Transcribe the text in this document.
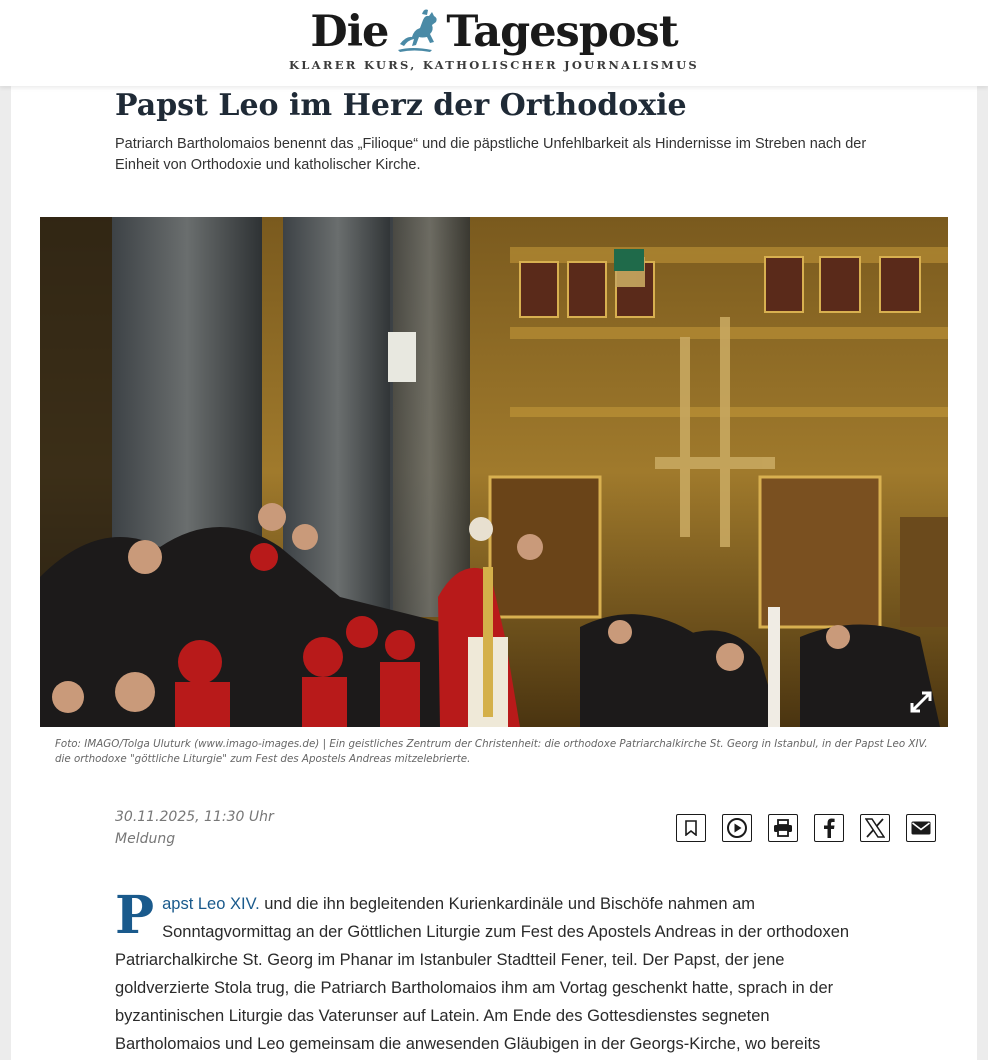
Die Tagespost
KLARER KURS, KATHOLISCHER JOURNALISMUS
Papst Leo im Herz der Orthodoxie

Patriarch Bartholomaios benennt das „Filioque“ und die päpstliche Unfehlbarkeit als Hindernisse im Streben nach der Einheit von Orthodoxie und katholischer Kirche.

Foto: IMAGO/Tolga Uluturk (www.imago-images.de) | Ein geistliches Zentrum der Christenheit: die orthodoxe Patriarchalkirche St. Georg in Istanbul, in der Papst Leo XIV. die orthodoxe "göttliche Liturgie" zum Fest des Apostels Andreas mitzelebrierte.

30.11.2025, 11:30 Uhr
Meldung

Papst Leo XIV. und die ihn begleitenden Kurienkardinäle und Bischöfe nahmen am Sonntagvormittag an der Göttlichen Liturgie zum Fest des Apostels Andreas in der orthodoxen Patriarchalkirche St. Georg im Phanar im Istanbuler Stadtteil Fener, teil. Der Papst, der jene goldverzierte Stola trug, die Patriarch Bartholomaios ihm am Vortag geschenkt hatte, sprach in der byzantinischen Liturgie das Vaterunser auf Latein. Am Ende des Gottesdienstes segneten Bartholomaios und Leo gemeinsam die anwesenden Gläubigen in der Georgs-Kirche, wo bereits
